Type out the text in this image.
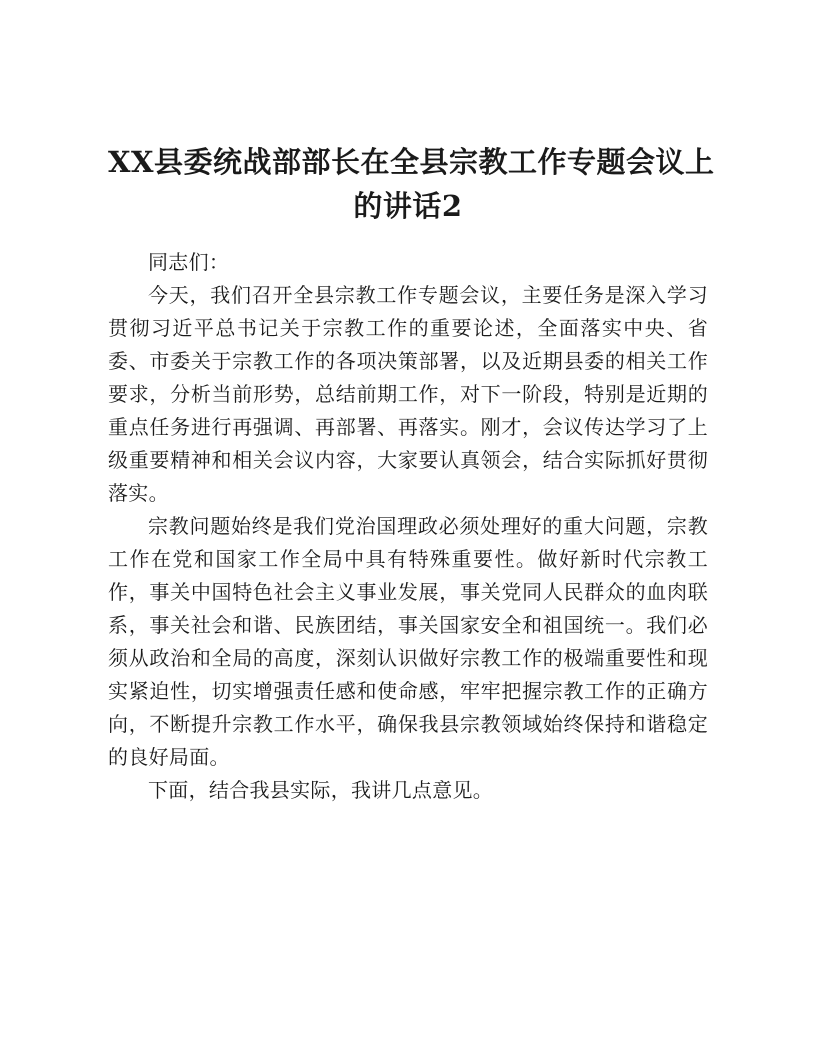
XX县委统战部部长在全县宗教工作专题会议上
的讲话2

同志们：

今天，我们召开全县宗教工作专题会议，主要任务是深入学习贯彻习近平总书记关于宗教工作的重要论述，全面落实中央、省委、市委关于宗教工作的各项决策部署，以及近期县委的相关工作要求，分析当前形势，总结前期工作，对下一阶段，特别是近期的重点任务进行再强调、再部署、再落实。刚才，会议传达学习了上级重要精神和相关会议内容，大家要认真领会，结合实际抓好贯彻落实。

宗教问题始终是我们党治国理政必须处理好的重大问题，宗教工作在党和国家工作全局中具有特殊重要性。做好新时代宗教工作，事关中国特色社会主义事业发展，事关党同人民群众的血肉联系，事关社会和谐、民族团结，事关国家安全和祖国统一。我们必须从政治和全局的高度，深刻认识做好宗教工作的极端重要性和现实紧迫性，切实增强责任感和使命感，牢牢把握宗教工作的正确方向，不断提升宗教工作水平，确保我县宗教领域始终保持和谐稳定的良好局面。

下面，结合我县实际，我讲几点意见。
